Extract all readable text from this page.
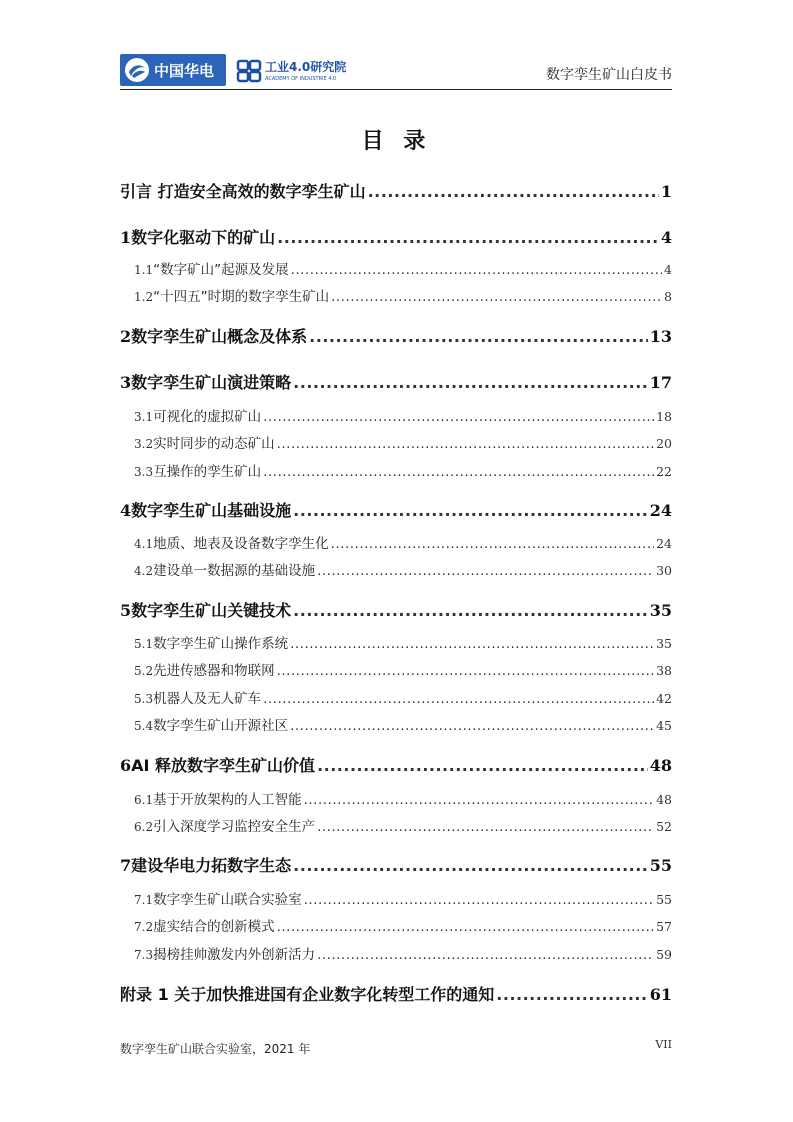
中国华电	工业4.0研究院
ACADEMY OF INDUSTRIE 4.0	数字孪生矿山白皮书
目 录
引言 打造安全高效的数字孪生矿山 .....	1
1 数字化驱动下的矿山 .....	4
1.1 “数字矿山”起源及发展 .....	4
1.2 “十四五”时期的数字孪生矿山 .....	8
2 数字孪生矿山概念及体系 .....	13
3 数字孪生矿山演进策略 .....	17
3.1 可视化的虚拟矿山 .....	18
3.2 实时同步的动态矿山 .....	20
3.3 互操作的孪生矿山 .....	22
4 数字孪生矿山基础设施 .....	24
4.1 地质、地表及设备数字孪生化 .....	24
4.2 建设单一数据源的基础设施 .....	30
5 数字孪生矿山关键技术 .....	35
5.1 数字孪生矿山操作系统 .....	35
5.2 先进传感器和物联网 .....	38
5.3 机器人及无人矿车 .....	42
5.4 数字孪生矿山开源社区 .....	45
6 AI 释放数字孪生矿山价值 .....	48
6.1 基于开放架构的人工智能 .....	48
6.2 引入深度学习监控安全生产 .....	52
7 建设华电力拓数字生态 .....	55
7.1 数字孪生矿山联合实验室 .....	55
7.2 虚实结合的创新模式 .....	57
7.3 揭榜挂帅激发内外创新活力 .....	59
附录 1 关于加快推进国有企业数字化转型工作的通知 .....	61
数字孪生矿山联合实验室，2021 年	VII
